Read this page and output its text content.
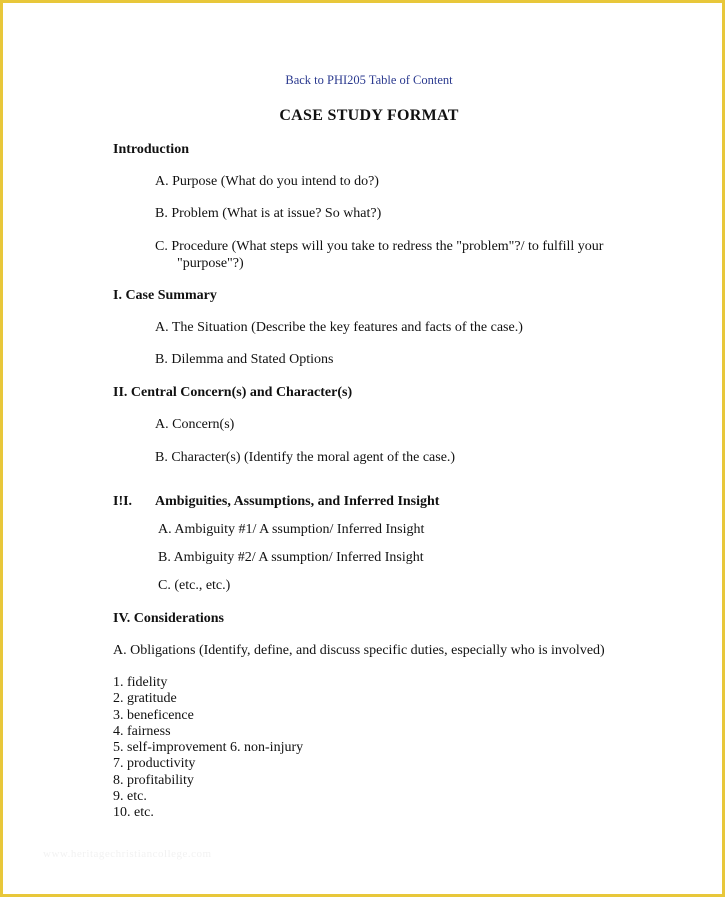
Back to PHI205 Table of Content
CASE STUDY FORMAT
Introduction
A. Purpose (What do you intend to do?)
B. Problem (What is at issue? So what?)
C. Procedure (What steps will you take to redress the "problem"?/ to fulfill your
"purpose"?)
I. Case Summary
A. The Situation (Describe the key features and facts of the case.)
B. Dilemma and Stated Options
II. Central Concern(s) and Character(s)
A. Concern(s)
B. Character(s) (Identify the moral agent of the case.)
I!I. Ambiguities, Assumptions, and Inferred Insight
A. Ambiguity #1/ A ssumption/ Inferred Insight
B. Ambiguity #2/ A ssumption/ Inferred Insight
C. (etc., etc.)
IV. Considerations
A. Obligations (Identify, define, and discuss specific duties, especially who is involved)
1. fidelity
2. gratitude
3. beneficence
4. fairness
5. self-improvement 6. non-injury
7. productivity
8. profitability
9. etc.
10. etc.
www.heritagechristiancollege.com
